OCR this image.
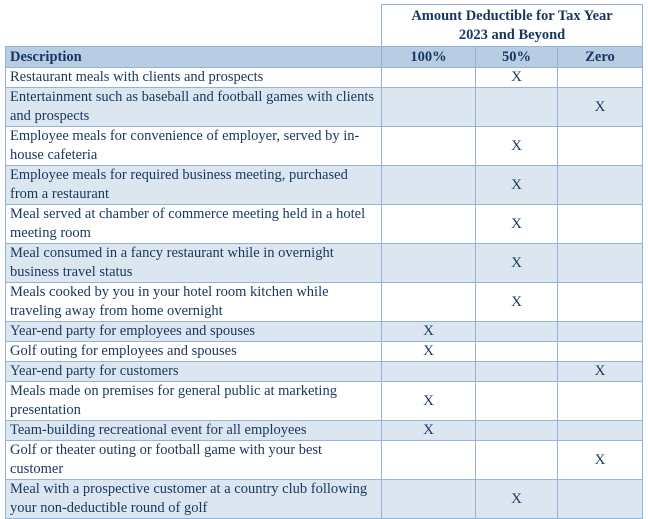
	Amount Deductible for Tax Year
2023 and Beyond		
Description	100%	50%	Zero
Restaurant meals with clients and prospects		X	
Entertainment such as baseball and football games with clients and prospects			X
Employee meals for convenience of employer, served by in-house cafeteria		X	
Employee meals for required business meeting, purchased from a restaurant		X	
Meal served at chamber of commerce meeting held in a hotel meeting room		X	
Meal consumed in a fancy restaurant while in overnight business travel status		X	
Meals cooked by you in your hotel room kitchen while traveling away from home overnight		X	
Year-end party for employees and spouses	X		
Golf outing for employees and spouses	X		
Year-end party for customers			X
Meals made on premises for general public at marketing presentation	X		
Team-building recreational event for all employees	X		
Golf or theater outing or football game with your best customer			X
Meal with a prospective customer at a country club following your non-deductible round of golf		X	
